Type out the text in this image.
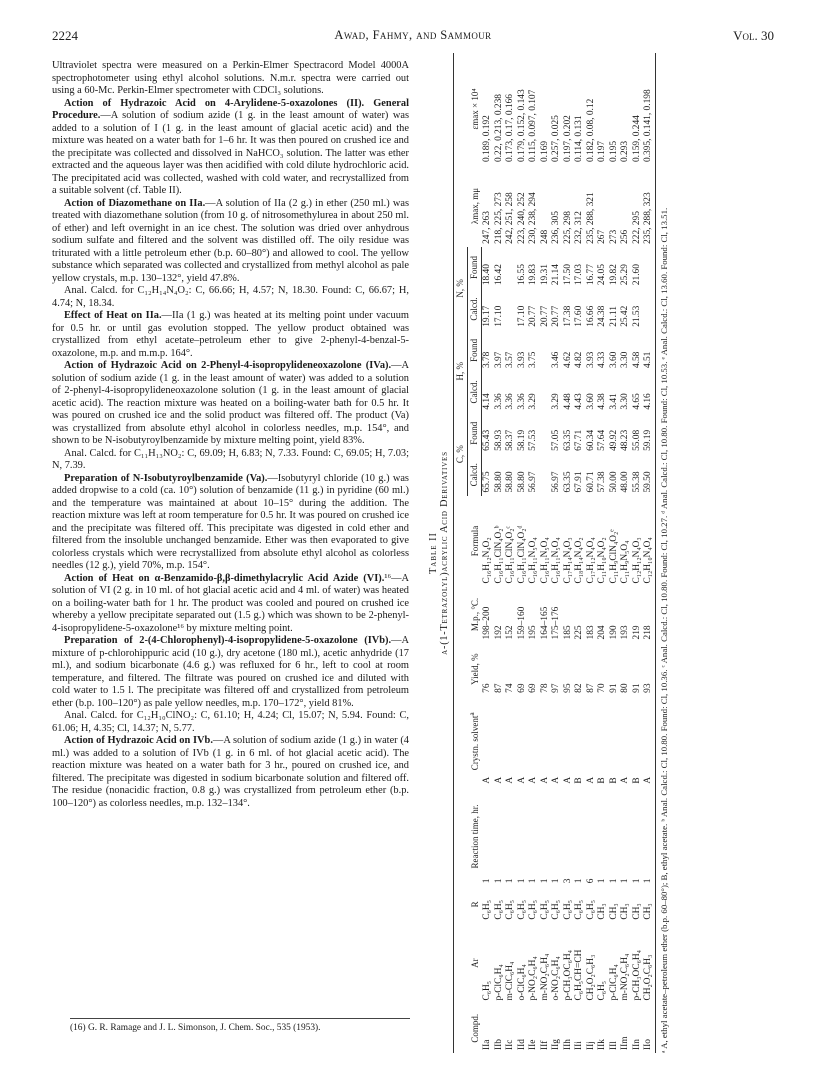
2224	Awad, Fahmy, and Sammour	Vol. 30

Ultraviolet spectra were measured on a Perkin-Elmer Spectracord Model 4000A spectrophotometer using ethyl alcohol solutions. N.m.r. spectra were carried out using a 60-Mc. Perkin-Elmer spectrometer with CDCl₃ solutions.

Action of Hydrazoic Acid on 4-Arylidene-5-oxazolones (II). General Procedure.—A solution of sodium azide (1 g. in the least amount of water) was added to a solution of I (1 g. in the least amount of glacial acetic acid) and the mixture was heated on a water bath for 1–6 hr. It was then poured on crushed ice and the precipitate was collected and dissolved in NaHCO₃ solution. The latter was ether extracted and the aqueous layer was then acidified with cold dilute hydrochloric acid. The precipitated acid was collected, washed with cold water, and recrystallized from a suitable solvent (cf. Table II).

Action of Diazomethane on IIa.—A solution of IIa (2 g.) in ether (250 ml.) was treated with diazomethane solution (from 10 g. of nitrosomethylurea in about 250 ml. of ether) and left overnight in an ice chest. The solution was dried over anhydrous sodium sulfate and filtered and the solvent was distilled off. The oily residue was triturated with a little petroleum ether (b.p. 60–80°) and allowed to cool. The yellow substance which separated was collected and crystallized from methyl alcohol as pale yellow crystals, m.p. 130–132°, yield 47.8%.

Anal. Calcd. for C₁₂H₁₄N₄O₂: C, 66.66; H, 4.57; N, 18.30. Found: C, 66.67; H, 4.74; N, 18.34.

Effect of Heat on IIa.—IIa (1 g.) was heated at its melting point under vacuum for 0.5 hr. or until gas evolution stopped. The yellow product obtained was crystallized from ethyl acetate–petroleum ether to give 2-phenyl-4-benzal-5-oxazolone, m.p. and m.m.p. 164°.

Action of Hydrazoic Acid on 2-Phenyl-4-isopropylideneoxazolone (IVa).—A solution of sodium azide (1 g. in the least amount of water) was added to a solution of 2-phenyl-4-isopropylideneoxazolone solution (1 g. in the least amount of glacial acetic acid). The reaction mixture was heated on a boiling-water bath for 0.5 hr. It was poured on crushed ice and the solid product was filtered off. The product (Va) was crystallized from absolute ethyl alcohol in colorless needles, m.p. 154°, and shown to be N-isobutyroylbenzamide by mixture melting point, yield 83%.

Anal. Calcd. for C₁₁H₁₃NO₂: C, 69.09; H, 6.83; N, 7.33. Found: C, 69.05; H, 7.03; N, 7.39.

Preparation of N-Isobutyroylbenzamide (Va).—Isobutyryl chloride (10 g.) was added dropwise to a cold (ca. 10°) solution of benzamide (11 g.) in pyridine (60 ml.) and the temperature was maintained at about 10–15° during the addition. The reaction mixture was left at room temperature for 0.5 hr. It was poured on crushed ice and the precipitate was filtered off. This precipitate was digested in cold ether and filtered from the insoluble unchanged benzamide. Ether was then evaporated to give colorless crystals which were recrystallized from absolute ethyl alcohol as colorless needles (12 g.), yield 70%, m.p. 154°.

Action of Heat on α-Benzamido-β,β-dimethylacrylic Acid Azide (VI).¹⁶—A solution of VI (2 g. in 10 ml. of hot glacial acetic acid and 4 ml. of water) was heated on a boiling-water bath for 1 hr. The product was cooled and poured on crushed ice whereby a yellow precipitate separated out (1.5 g.) which was shown to be 2-phenyl-4-isopropylidene-5-oxazolone¹⁶ by mixture melting point.

Preparation of 2-(4-Chlorophenyl)-4-isopropylidene-5-oxazolone (IVb).—A mixture of p-chlorohippuric acid (10 g.), dry acetone (180 ml.), acetic anhydride (17 ml.), and sodium bicarbonate (4.6 g.) was refluxed for 6 hr., left to cool at room temperature, and filtered. The filtrate was poured on crushed ice and diluted with cold water to 1.5 l. The precipitate was filtered off and crystallized from petroleum ether (b.p. 100–120°) as pale yellow needles, m.p. 170–172°, yield 81%.

Anal. Calcd. for C₁₂H₁₀ClNO₂: C, 61.10; H, 4.24; Cl, 15.07; N, 5.94. Found: C, 61.06; H, 4.35; Cl, 14.37; N, 5.77.

Action of Hydrazoic Acid on IVb.—A solution of sodium azide (1 g.) in water (4 ml.) was added to a solution of IVb (1 g. in 6 ml. of hot glacial acetic acid). The reaction mixture was heated on a water bath for 3 hr., poured on crushed ice, and filtered. The precipitate was digested in sodium bicarbonate solution and filtered off. The residue (nonacidic fraction, 0.8 g.) was crystallized from petroleum ether (b.p. 100–120°) as colorless needles, m.p. 132–134°.

(16) G. R. Ramage and J. L. Simonson, J. Chem. Soc., 535 (1953).
Table II α-(1-Tetrazolyl)acrylic Acid Derivatives
Compd.	Ar	R	Reaction time, hr.	Crystn. solvent$^a$	Yield, %	M.p., °C.	Formula	C, %		H, %		N, %		λmax, mμ	εmax × 10⁴
								Calcd.	Found	Calcd.	Found	Calcd.	Found		
IIa	C₆H₅	C₆H₅	1	A	76	198–200	C₁₆H₁₂N₄O₂	65.75	65.43	4.14	3.78	19.17	18.40	247, 263	0.189, 0.192
IIb	p-ClC₆H₄	C₆H₅	1	A	87	192	C₁₆H₁₁ClN₄O₂ᵇ	58.80	58.93	3.36	3.97	17.10	16.42	218, 225, 273	0.22, 0.213, 0.238
IIc	m-ClC₆H₄	C₆H₅	1	A	74	152	C₁₆H₁₁ClN₄O₂ᶜ	58.80	58.37	3.36	3.57			242, 251, 258	0.173, 0.17, 0.166
IId	o-ClC₆H₄	C₆H₅	1	A	69	159–160	C₁₆H₁₁ClN₄O₂ᵈ	58.80	58.19	3.36	3.93	17.10	16.55	223, 240, 252	0.179, 0.152, 0.143
IIe	p-NO₂C₆H₄	C₆H₅	1	A	69	195	C₁₆H₁₁N₅O₄	56.97	57.53	3.29	3.75	20.77	19.83	230, 238, 294	0.115, 0.097, 0.107
IIf	m-NO₂C₆H₄	C₆H₅	1	A	78	164–165	C₁₆H₁₁N₅O₄					20.77	19.31	248	0.169
IIg	o-NO₂C₆H₄	C₆H₅	1	A	97	175–176	C₁₆H₁₁N₅O₄	56.97	57.05	3.29	3.46	20.77	21.14	236, 305	0.257, 0.025
IIh	p-CH₃OC₆H₄	C₆H₅	3	A	95	185	C₁₇H₁₄N₄O₃	63.35	63.35	4.48	4.62	17.38	17.50	225, 298	0.197, 0.202
IIi	C₆H₅CH=CH	C₆H₅	1	B	82	225	C₁₈H₁₄N₄O₂	67.91	67.71	4.43	4.82	17.60	17.03	232, 312	0.114, 0.131
IIj	CH₂O₂C₆H₃	C₆H₅	6	A	87	183	C₁₇H₁₂N₄O₄	60.71	60.34	3.60	3.93	16.66	16.77	235, 288, 321	0.182, 0.08, 0.12
IIk	C₆H₅	CH₃	1	B	70	204	C₁₁H₁₀N₄O₂	57.38	57.64	4.38	4.33	24.38	24.05	267	0.197
IIl	p-ClC₆H₄	CH₃	1	B	91	190	C₁₁H₉ClN₄O₂ᵉ	50.00	49.92	3.41	3.60	21.11	19.82	273	0.195
IIm	m-NO₂C₆H₄	CH₃	1	A	80	193	C₁₁H₉N₅O₄	48.00	48.23	3.30	3.30	25.42	25.29	256	0.293
IIn	p-CH₃OC₆H₄	CH₃	1	B	91	219	C₁₂H₁₂N₄O₃	55.38	55.08	4.65	4.58	21.53	21.60	222, 295	0.159, 0.244
IIo	CH₂O₂C₆H₃	CH₃	1	A	93	218	C₁₂H₁₀N₄O₄	59.50	59.19	4.16	4.51			235, 288, 323	0.395, 0.141, 0.198
ᵃ A, ethyl acetate–petroleum ether (b.p. 60–80°); B, ethyl acetate. ᵇ Anal. Calcd.: Cl, 10.80. Found: Cl, 10.36. ᶜ Anal. Calcd.: Cl, 10.80. Found: Cl, 10.27. ᵈ Anal. Calcd.: Cl, 10.80. Found: Cl, 10.53. ᵉ Anal. Calcd.: Cl, 13.60. Found: Cl, 13.51.
